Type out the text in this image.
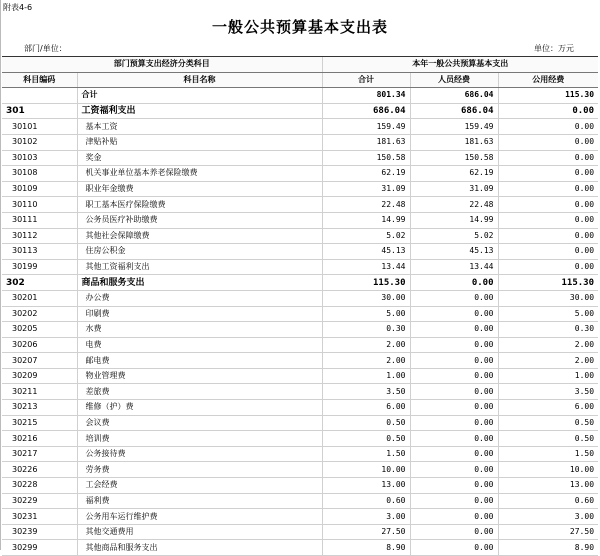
附表4-6
一般公共预算基本支出表
部门/单位：	单位：万元
部门预算支出经济分类科目		本年一般公共预算基本支出		
科目编码	科目名称	合计	人员经费	公用经费
	合计	801.34	686.04	115.30
301	工资福利支出	686.04	686.04	0.00
30101	基本工资	159.49	159.49	0.00
30102	津贴补贴	181.63	181.63	0.00
30103	奖金	150.58	150.58	0.00
30108	机关事业单位基本养老保险缴费	62.19	62.19	0.00
30109	职业年金缴费	31.09	31.09	0.00
30110	职工基本医疗保险缴费	22.48	22.48	0.00
30111	公务员医疗补助缴费	14.99	14.99	0.00
30112	其他社会保障缴费	5.02	5.02	0.00
30113	住房公积金	45.13	45.13	0.00
30199	其他工资福利支出	13.44	13.44	0.00
302	商品和服务支出	115.30	0.00	115.30
30201	办公费	30.00	0.00	30.00
30202	印刷费	5.00	0.00	5.00
30205	水费	0.30	0.00	0.30
30206	电费	2.00	0.00	2.00
30207	邮电费	2.00	0.00	2.00
30209	物业管理费	1.00	0.00	1.00
30211	差旅费	3.50	0.00	3.50
30213	维修（护）费	6.00	0.00	6.00
30215	会议费	0.50	0.00	0.50
30216	培训费	0.50	0.00	0.50
30217	公务接待费	1.50	0.00	1.50
30226	劳务费	10.00	0.00	10.00
30228	工会经费	13.00	0.00	13.00
30229	福利费	0.60	0.00	0.60
30231	公务用车运行维护费	3.00	0.00	3.00
30239	其他交通费用	27.50	0.00	27.50
30299	其他商品和服务支出	8.90	0.00	8.90
